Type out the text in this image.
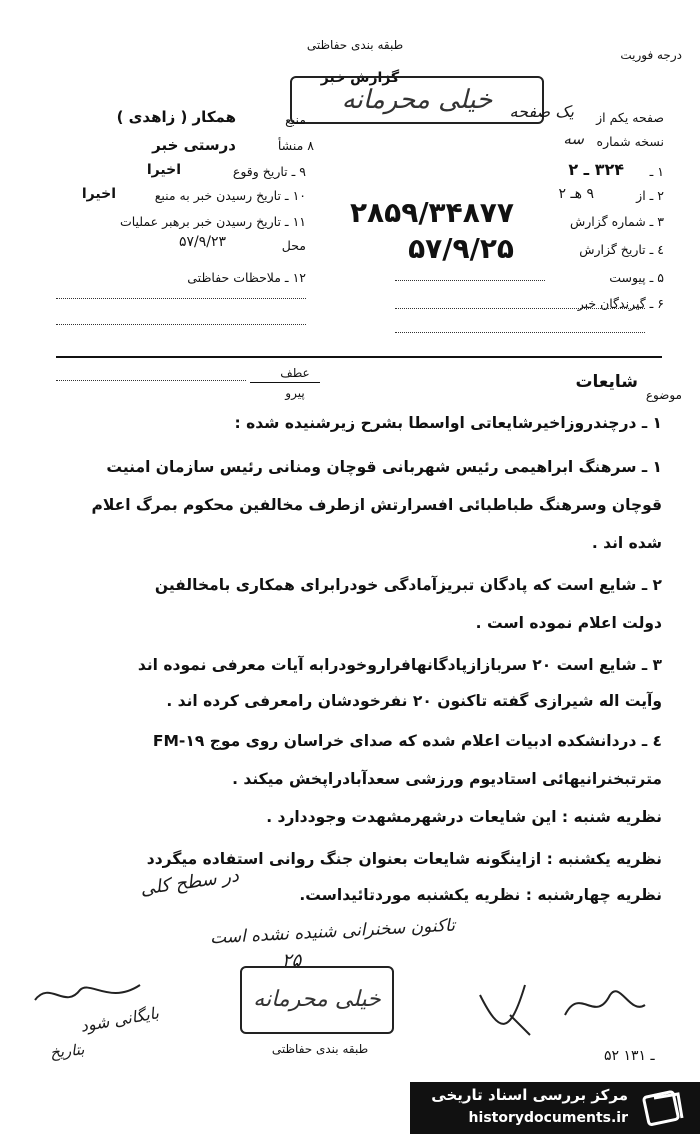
درجه فوریت
طبقه بندی حفاظتی
گزارش خبر
خیلی محرمانه
صفحه یکم از
یک صفحه
نسخه شماره
سه
۱ ـ
۳۲۴ ـ ۲
۲ ـ از
۹ هـ ۲
۳ ـ شماره گزارش
۲۸۵۹/۳۴۸۷۷
٤ ـ تاریخ گزارش
۵۷/۹/۲۵
۵ ـ پیوست
۶ ـ گیرندگان خبر
منبع
همکار ( زاهدی )
۸ منشأ
درستی خبر
۹ ـ تاریخ وقوع
اخیرا
۱۰ ـ تاریخ رسیدن خبر به منبع
اخیرا
۱۱ ـ تاریخ رسیدن خبر برهبر عملیات
محل
۵۷/۹/۲۳
۱۲ ـ ملاحظات حفاظتی
عطف
پیرو	موضوع
شایعات
۱ ـ درچندروزاخیرشایعاتی اواسطا بشرح زیرشنیده شده :
۱ ـ سرهنگ ابراهیمی رئیس شهربانی قوچان ومنانی رئیس سازمان امنیت
قوچان وسرهنگ طباطبائی افسرارتش ازطرف مخالفین محکوم بمرگ اعلام
شده اند .
۲ ـ شایع است که پادگان تبریزآمادگی خودرابرای همکاری بامخالفین
دولت اعلام نموده است .
۳ ـ شایع است ۲۰ سربازازپادگانهافراروخودرابه آیات معرفی نموده اند
وآیت اله شیرازی گفته تاکنون ۲۰ نفرخودشان رامعرفی کرده اند .
٤ ـ دردانشکده ادبیات اعلام شده که صدای خراسان روی موج FM-۱۹
مترتبخنرانیهائی استادیوم ورزشی سعدآبادراپخش میکند .
نظریه شنبه : این شایعات درشهرمشهدت وجوددارد .
نظریه یکشنبه : ازاینگونه شایعات بعنوان جنگ روانی استفاده میگردد
نظریه چهارشنبه : نظریه یکشنبه موردتائیداست.
در سطح کلی
تاکنون سخنرانی شنیده نشده است
۲۵
خیلی محرمانه
طبقه بندی حفاظتی
بایگانی شود
بتاریخ	۵۲ ـ ۱۳۱
مرکز بررسی اسناد تاریخی
historydocuments.ir
